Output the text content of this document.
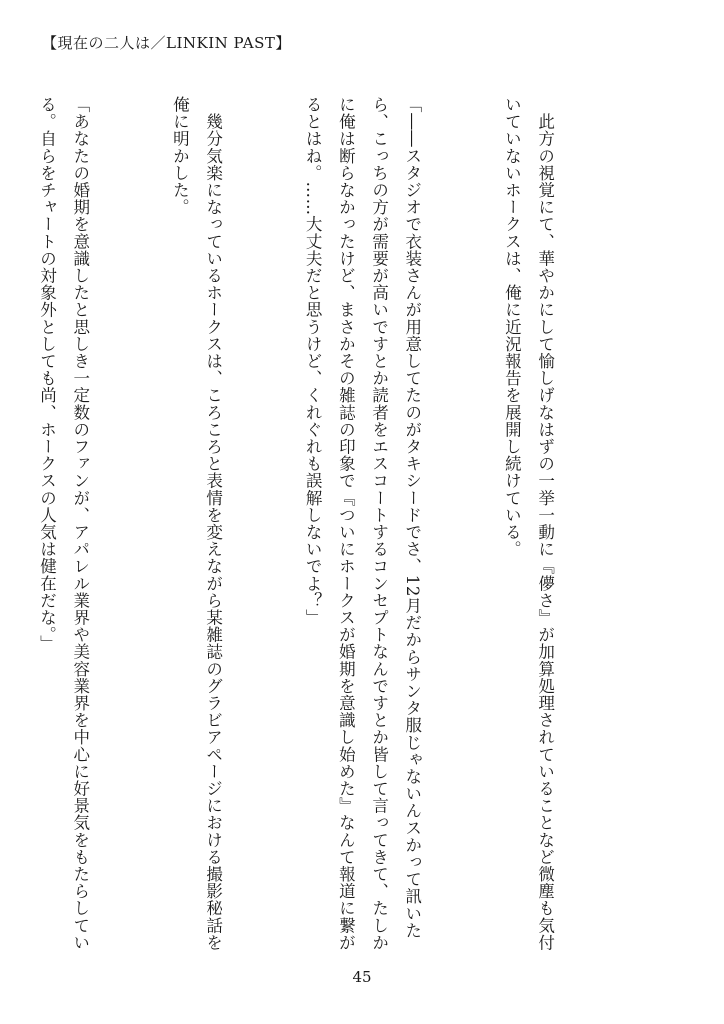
【現在の二人は／LINKIN PAST】

　此方の視覚にて、華やかにして愉しげなはずの一挙一動に『儚さ』が加算処理されていることなど微塵も気付いていないホークスは、俺に近況報告を展開し続けている。

「――スタジオで衣装さんが用意してたのがタキシードでさ、12月だからサンタ服じゃないんスかって訊いたら、こっちの方が需要が高いですとか読者をエスコートするコンセプトなんですとか皆して言ってきて、たしかに俺は断らなかったけど、まさかその雑誌の印象で『ついにホークスが婚期を意識し始めた』なんて報道に繋がるとはね。……大丈夫だと思うけど、くれぐれも誤解しないでよ？」

　幾分気楽になっているホークスは、ころころと表情を変えながら某雑誌のグラビアページにおける撮影秘話を俺に明かした。

「あなたの婚期を意識したと思しき一定数のファンが、アパレル業界や美容業界を中心に好景気をもたらしている。自らをチャートの対象外としても尚、ホークスの人気は健在だな。」

45
